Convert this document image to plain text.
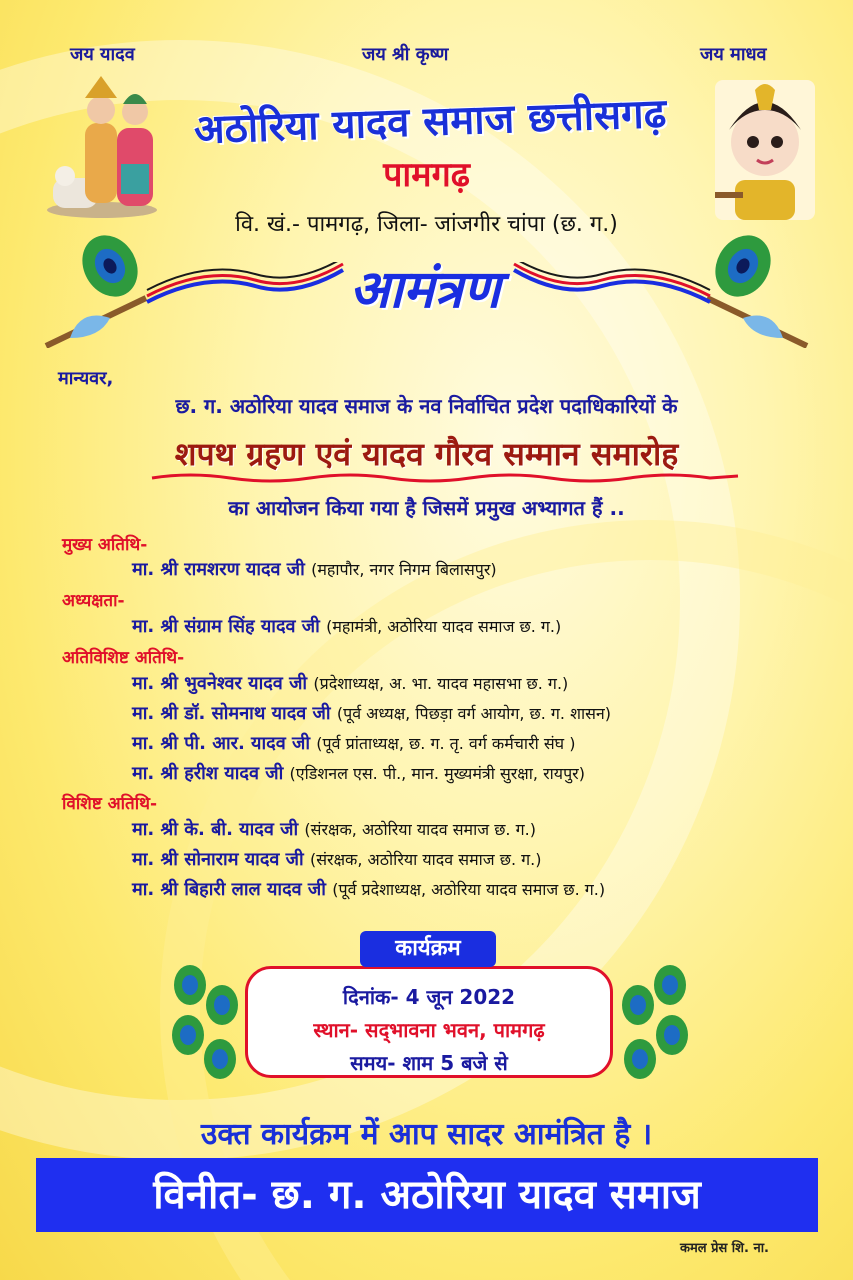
जय यादव	जय श्री कृष्ण	जय माधव
अठोरिया यादव समाज छत्तीसगढ़
पामगढ़
वि. खं.- पामगढ़, जिला- जांजगीर चांपा (छ. ग.)
आमंत्रण
मान्यवर,
छ. ग. अठोरिया यादव समाज के नव निर्वाचित प्रदेश पदाधिकारियों के
शपथ ग्रहण एवं यादव गौरव सम्मान समारोह
का आयोजन किया गया है जिसमें प्रमुख अभ्यागत हैं ..
मुख्य अतिथि-
मा. श्री रामशरण यादव जी (महापौर, नगर निगम बिलासपुर)
अध्यक्षता-
मा. श्री संग्राम सिंह यादव जी (महामंत्री, अठोरिया यादव समाज छ. ग.)
अतिविशिष्ट अतिथि-
मा. श्री भुवनेश्वर यादव जी (प्रदेशाध्यक्ष, अ. भा. यादव महासभा छ. ग.)
मा. श्री डॉ. सोमनाथ यादव जी (पूर्व अध्यक्ष, पिछड़ा वर्ग आयोग, छ. ग. शासन)
मा. श्री पी. आर. यादव जी (पूर्व प्रांताध्यक्ष, छ. ग. तृ. वर्ग कर्मचारी संघ )
मा. श्री हरीश यादव जी (एडिशनल एस. पी., मान. मुख्यमंत्री सुरक्षा, रायपुर)
विशिष्ट अतिथि-
मा. श्री के. बी. यादव जी (संरक्षक, अठोरिया यादव समाज छ. ग.)
मा. श्री सोनाराम यादव जी (संरक्षक, अठोरिया यादव समाज छ. ग.)
मा. श्री बिहारी लाल यादव जी (पूर्व प्रदेशाध्यक्ष, अठोरिया यादव समाज छ. ग.)
दिनांक- 4 जून 2022
स्थान- सद्‌भावना भवन, पामगढ़
समय- शाम 5 बजे से
कार्यक्रम
उक्त कार्यक्रम में आप सादर आमंत्रित है ।
विनीत- छ. ग. अठोरिया यादव समाज
कमल प्रेस शि. ना.
